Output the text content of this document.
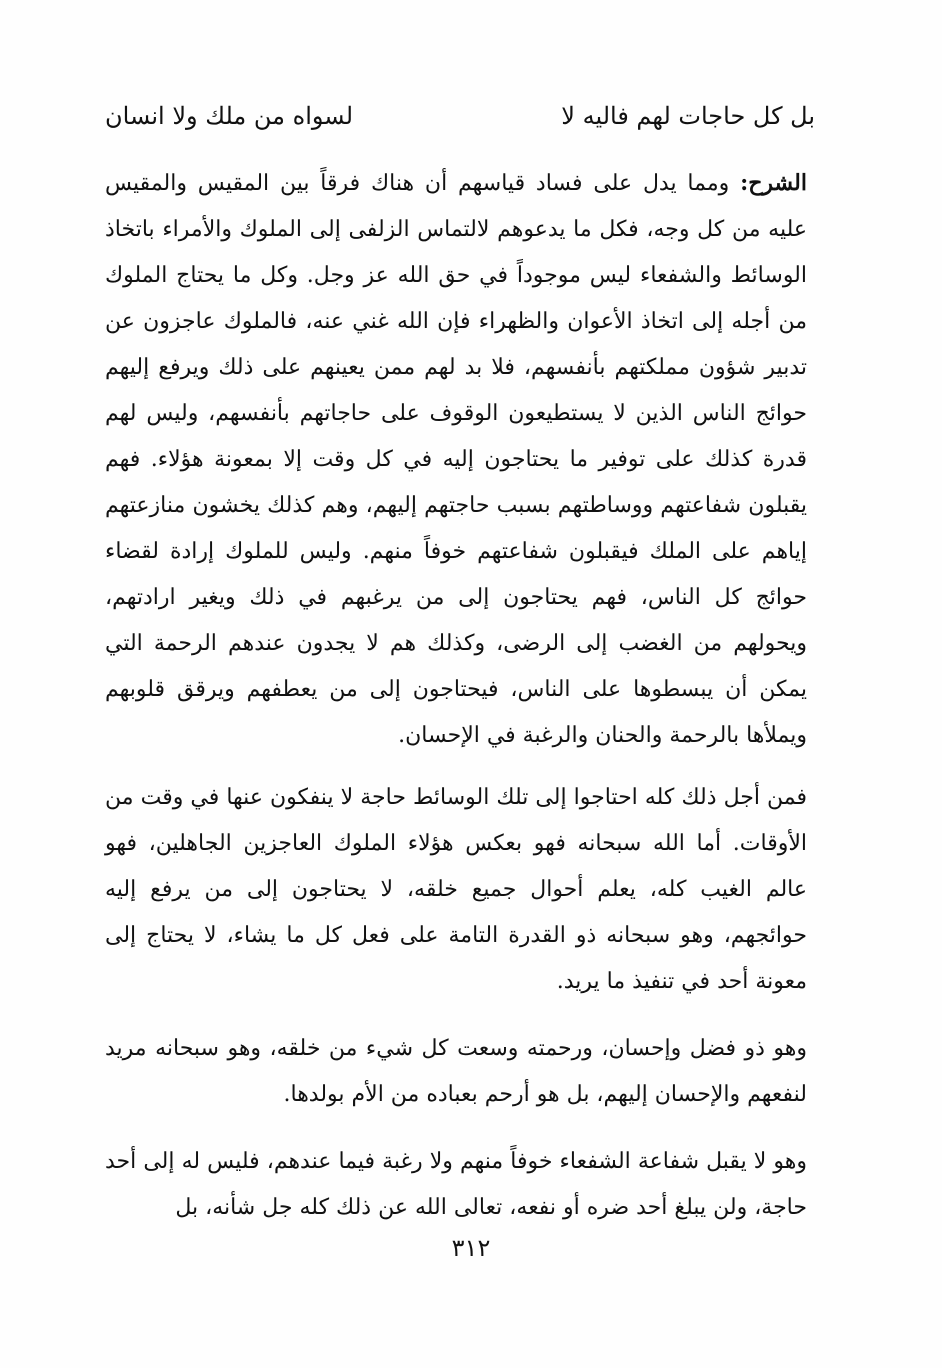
بل كل حاجات لهم فاليه لا
لسواه من ملك ولا انسان

الشرح: ومما يدل على فساد قياسهم أن هناك فرقاً بين المقيس والمقيس عليه من كل وجه، فكل ما يدعوهم لالتماس الزلفى إلى الملوك والأمراء باتخاذ الوسائط والشفعاء ليس موجوداً في حق الله عز وجل. وكل ما يحتاج الملوك من أجله إلى اتخاذ الأعوان والظهراء فإن الله غني عنه، فالملوك عاجزون عن تدبير شؤون مملكتهم بأنفسهم، فلا بد لهم ممن يعينهم على ذلك ويرفع إليهم حوائج الناس الذين لا يستطيعون الوقوف على حاجاتهم بأنفسهم، وليس لهم قدرة كذلك على توفير ما يحتاجون إليه في كل وقت إلا بمعونة هؤلاء. فهم يقبلون شفاعتهم ووساطتهم بسبب حاجتهم إليهم، وهم كذلك يخشون منازعتهم إياهم على الملك فيقبلون شفاعتهم خوفاً منهم. وليس للملوك إرادة لقضاء حوائج كل الناس، فهم يحتاجون إلى من يرغبهم في ذلك ويغير ارادتهم، ويحولهم من الغضب إلى الرضى، وكذلك هم لا يجدون عندهم الرحمة التي يمكن أن يبسطوها على الناس، فيحتاجون إلى من يعطفهم ويرقق قلوبهم ويملأها بالرحمة والحنان والرغبة في الإحسان.

فمن أجل ذلك كله احتاجوا إلى تلك الوسائط حاجة لا ينفكون عنها في وقت من الأوقات. أما الله سبحانه فهو بعكس هؤلاء الملوك العاجزين الجاهلين، فهو عالم الغيب كله، يعلم أحوال جميع خلقه، لا يحتاجون إلى من يرفع إليه حوائجهم، وهو سبحانه ذو القدرة التامة على فعل كل ما يشاء، لا يحتاج إلى معونة أحد في تنفيذ ما يريد.

وهو ذو فضل وإحسان، ورحمته وسعت كل شيء من خلقه، وهو سبحانه مريد لنفعهم والإحسان إليهم، بل هو أرحم بعباده من الأم بولدها.

وهو لا يقبل شفاعة الشفعاء خوفاً منهم ولا رغبة فيما عندهم، فليس له إلى أحد حاجة، ولن يبلغ أحد ضره أو نفعه، تعالى الله عن ذلك كله جل شأنه، بل

٣١٢
